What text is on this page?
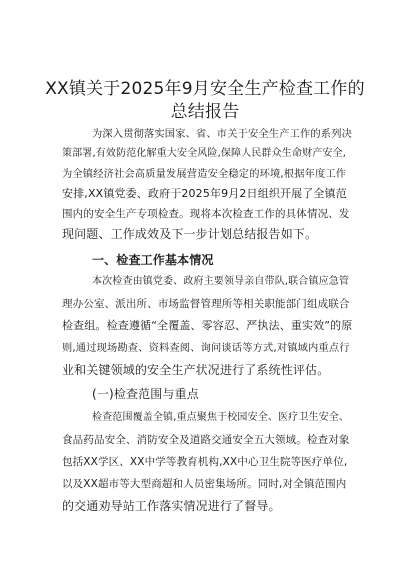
XX镇关于2025年9月安全生产检查工作的
总结报告
为深入贯彻落实国家、省、市关于安全生产工作的系列决
策部署,有效防范化解重大安全风险,保障人民群众生命财产安全,
为全镇经济社会高质量发展营造安全稳定的环境,根据年度工作
安排,XX镇党委、政府于2025年9月2日组织开展了全镇范
围内的安全生产专项检查。现将本次检查工作的具体情况、发
现问题、工作成效及下一步计划总结报告如下。
一、检查工作基本情况
本次检查由镇党委、政府主要领导亲自带队,联合镇应急管
理办公室、派出所、市场监督管理所等相关职能部门组成联合
检查组。检查遵循“全覆盖、零容忍、严执法、重实效”的原
则,通过现场勘查、资料查阅、询问谈话等方式,对镇域内重点行
业和关键领域的安全生产状况进行了系统性评估。
(一)检查范围与重点
检查范围覆盖全镇,重点聚焦于校园安全、医疗卫生安全、
食品药品安全、消防安全及道路交通安全五大领域。检查对象
包括XX学区、XX中学等教育机构,XX中心卫生院等医疗单位,
以及XX超市等大型商超和人员密集场所。同时,对全镇范围内
的交通劝导站工作落实情况进行了督导。
